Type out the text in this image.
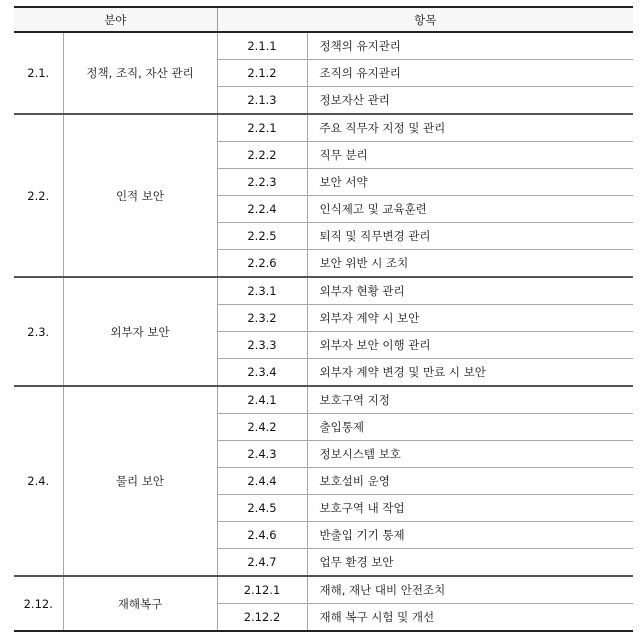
분야		항목	
2.1.	정책, 조직, 자산 관리	2.1.1	정책의 유지관리
		2.1.2	조직의 유지관리
		2.1.3	정보자산 관리
2.2.	인적 보안	2.2.1	주요 직무자 지정 및 관리
		2.2.2	직무 분리
		2.2.3	보안 서약
		2.2.4	인식제고 및 교육훈련
		2.2.5	퇴직 및 직무변경 관리
		2.2.6	보안 위반 시 조치
2.3.	외부자 보안	2.3.1	외부자 현황 관리
		2.3.2	외부자 계약 시 보안
		2.3.3	외부자 보안 이행 관리
		2.3.4	외부자 계약 변경 및 만료 시 보안
2.4.	물리 보안	2.4.1	보호구역 지정
		2.4.2	출입통제
		2.4.3	정보시스템 보호
		2.4.4	보호설비 운영
		2.4.5	보호구역 내 작업
		2.4.6	반출입 기기 통제
		2.4.7	업무 환경 보안
2.12.	재해복구	2.12.1	재해, 재난 대비 안전조치
		2.12.2	재해 복구 시험 및 개선
